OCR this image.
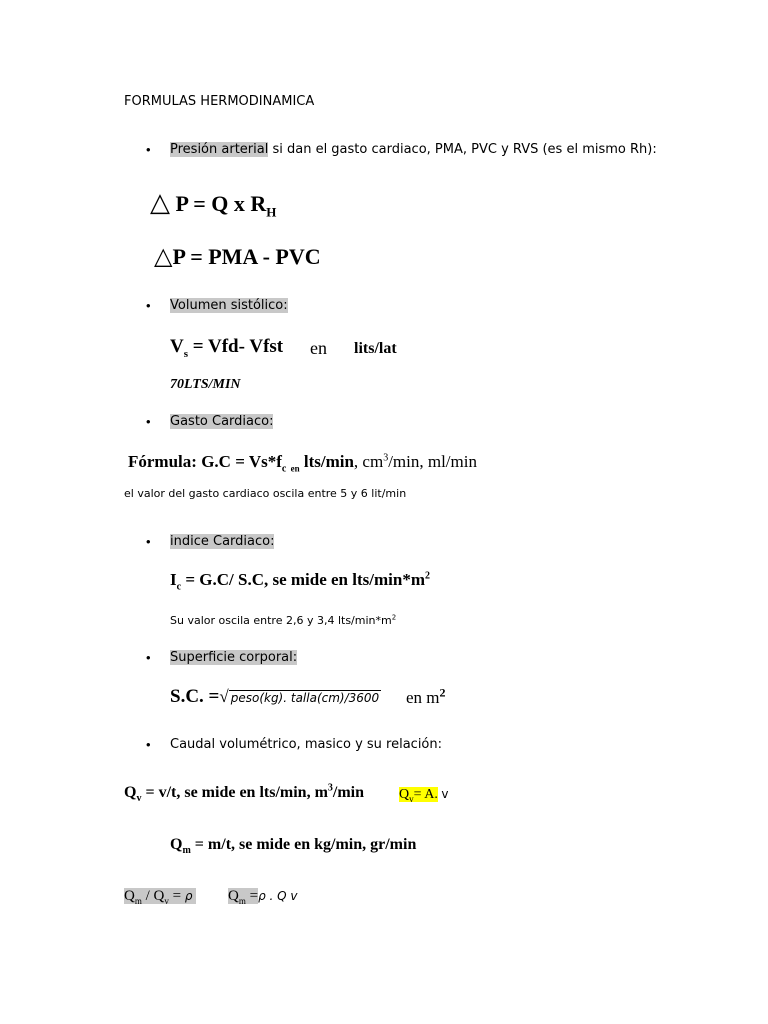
FORMULAS HERMODINAMICA
• Presión arterial si dan el gasto cardiaco, PMA, PVC y RVS (es el mismo Rh):
△ P = Q x $R_H$
△P = PMA - PVC
• Volumen sistólico:
$V_s = Vfd-$ Vfst en lits/lat
70LTS/MIN
• Gasto Cardiaco:
Fórmula: $G.C = Vs*f_c$ $_{en}$ lts/min, $cm^3/\min$, ml/min
el valor del gasto cardiaco oscila entre 5 y 6 lit/min
• indice Cardiaco:
$I_c = G.C/$ S.C, se mide en lts/$\min*m^2$
Su valor oscila entre 2,6 y 3,4 lts/$\min*m^2$
• Superficie corporal:
S.C. =√ peso(kg). talla(cm)/3600 en $m^2$
• Caudal volumétrico, masico y su relación:
$Q_v = v/t$, se mide en lts/min, $m^3/\min$ $Q_v= A$. v
$Q_m = m/t$, se mide en kg/min, gr/min
$Q_m / Q_v = \rho$ $Q_m =\rho$ . Q v
